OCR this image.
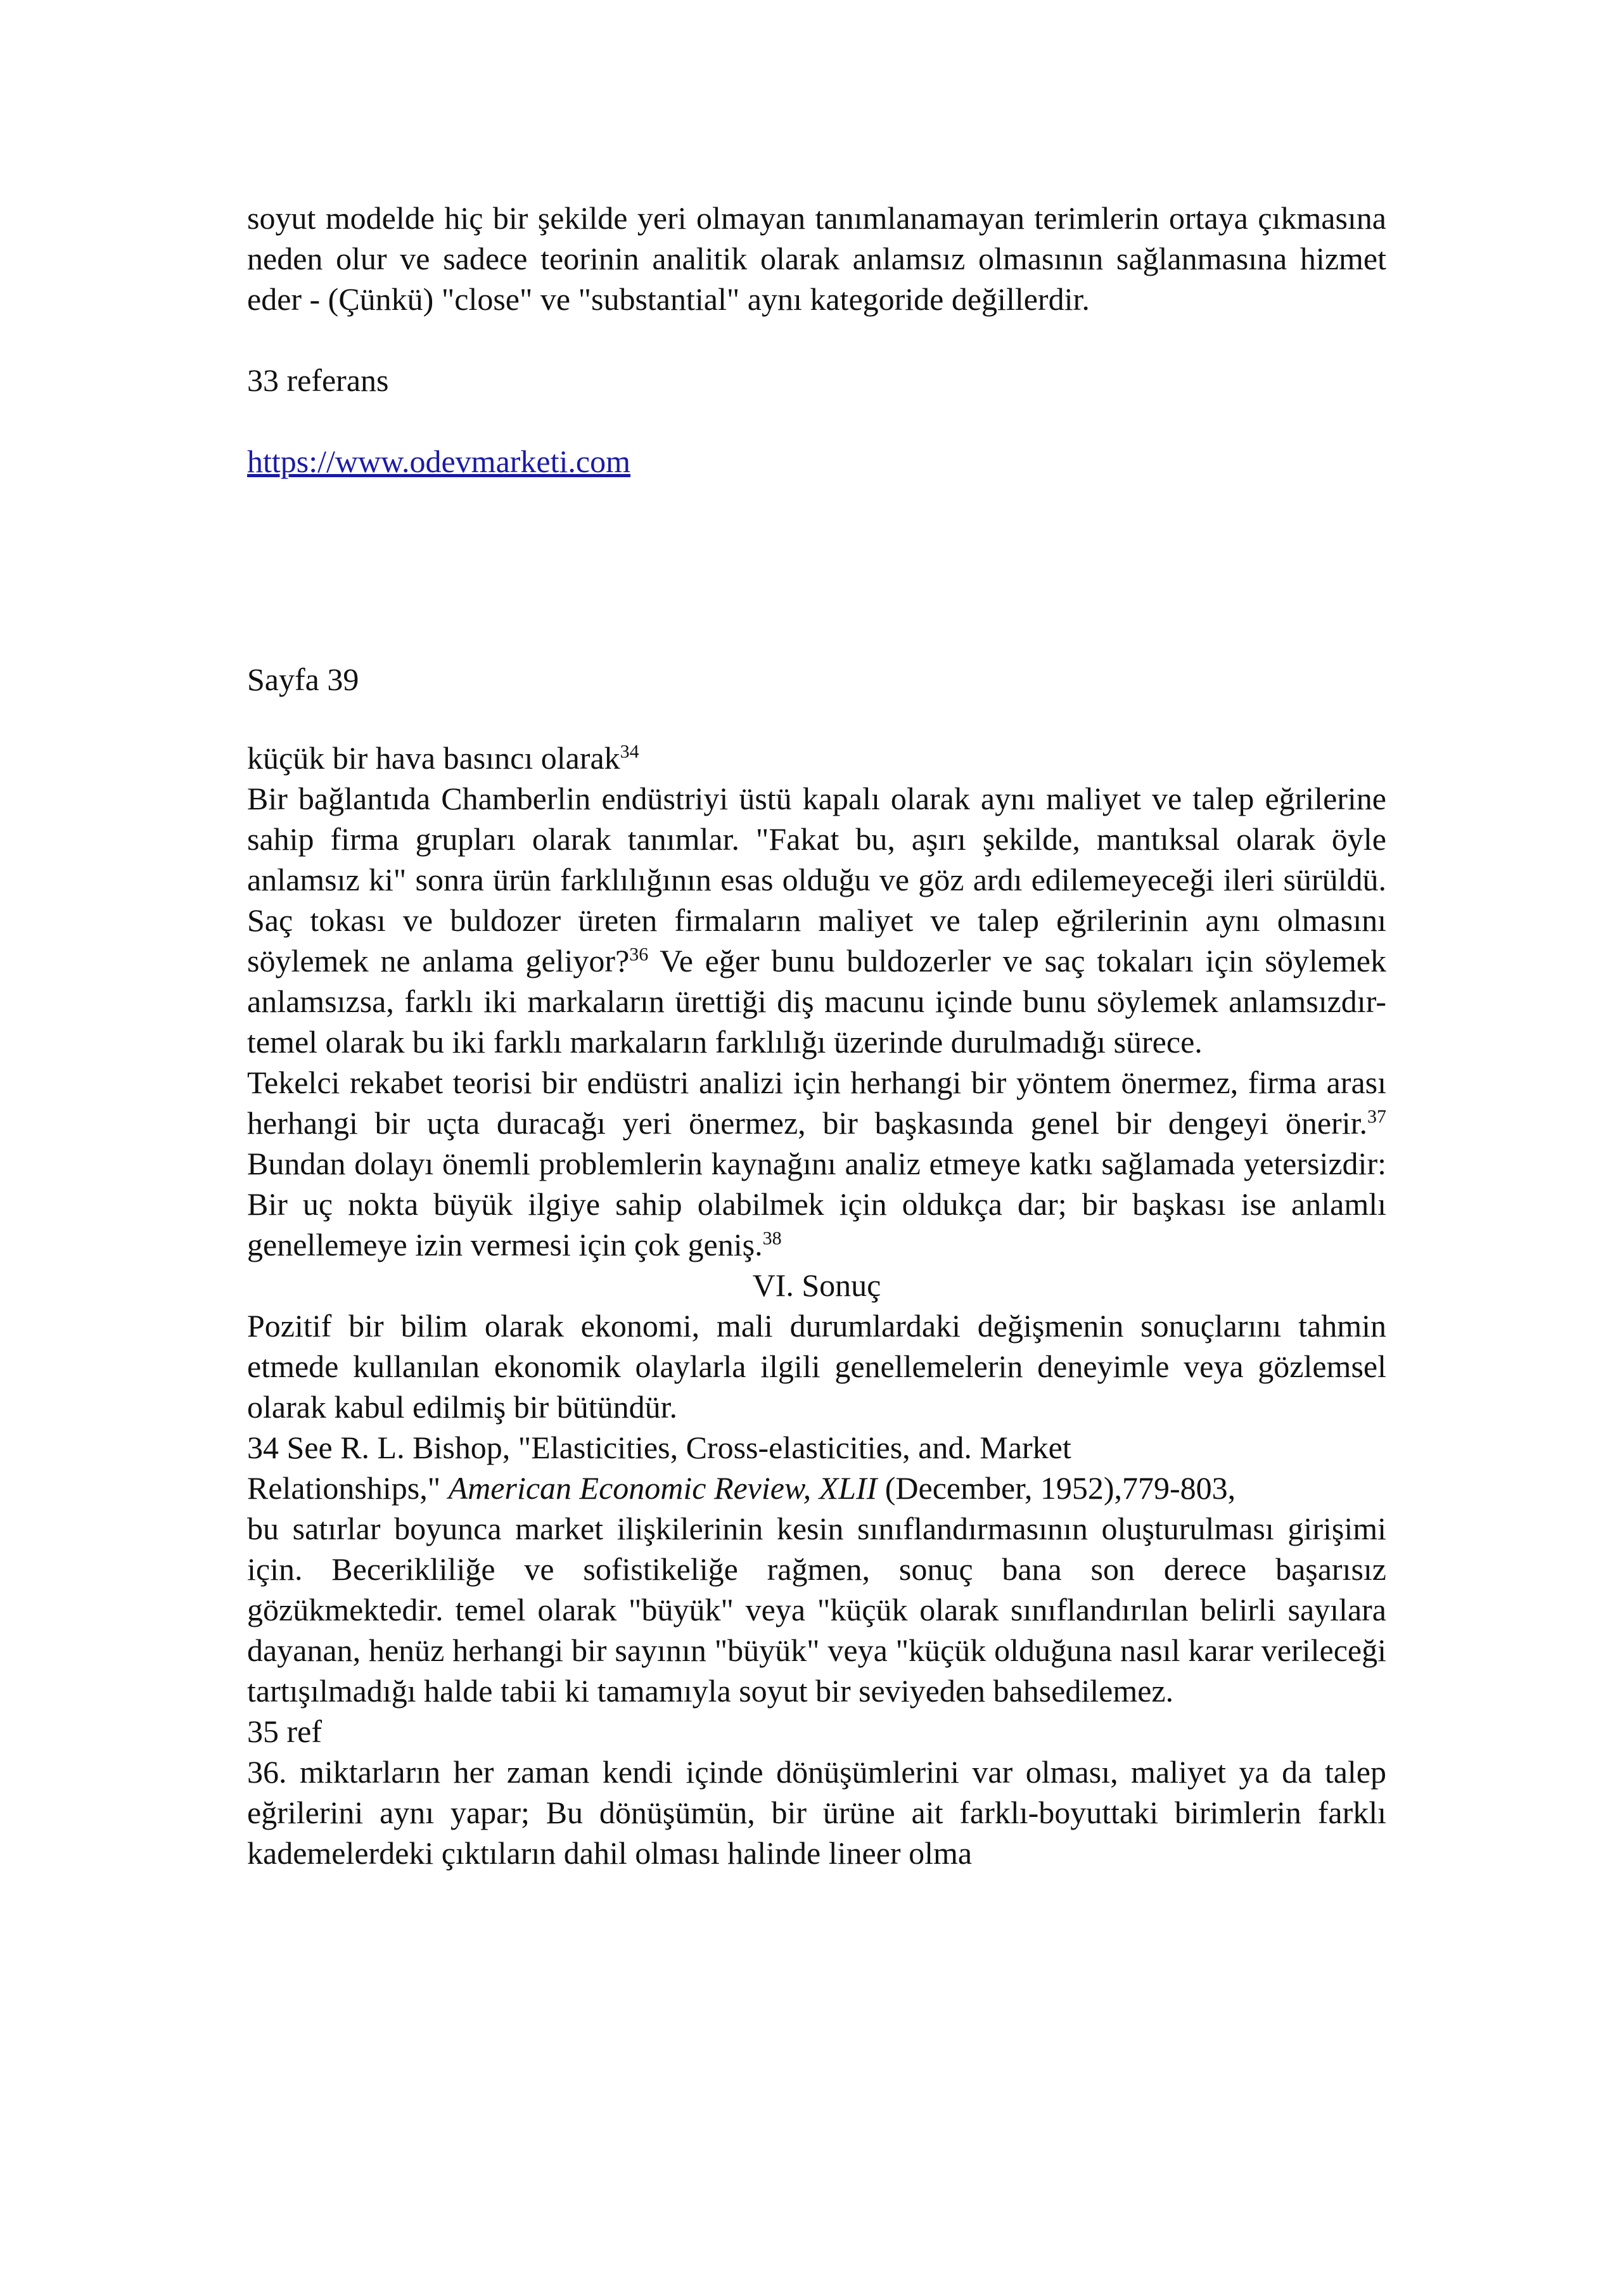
soyut modelde hiç bir şekilde yeri olmayan tanımlanamayan terimlerin ortaya çıkmasına neden olur ve sadece teorinin analitik olarak anlamsız olmasının sağlanmasına hizmet eder - (Çünkü) "close" ve "substantial" aynı kategoride değillerdir.

33 referans

https://www.odevmarketi.com

Sayfa 39

küçük bir hava basıncı olarak$^{34}$

Bir bağlantıda Chamberlin endüstriyi üstü kapalı olarak aynı maliyet ve talep eğrilerine sahip firma grupları olarak tanımlar. "Fakat bu, aşırı şekilde, mantıksal olarak öyle anlamsız ki" sonra ürün farklılığının esas olduğu ve göz ardı edilemeyeceği ileri sürüldü. Saç tokası ve buldozer üreten firmaların maliyet ve talep eğrilerinin aynı olmasını söylemek ne anlama geliyor?$^{36}$ Ve eğer bunu buldozerler ve saç tokaları için söylemek anlamsızsa, farklı iki markaların ürettiği diş macunu içinde bunu söylemek anlamsızdır- temel olarak bu iki farklı markaların farklılığı üzerinde durulmadığı sürece.

Tekelci rekabet teorisi bir endüstri analizi için herhangi bir yöntem önermez, firma arası herhangi bir uçta duracağı yeri önermez, bir başkasında genel bir dengeyi önerir.$^{37}$ Bundan dolayı önemli problemlerin kaynağını analiz etmeye katkı sağlamada yetersizdir: Bir uç nokta büyük ilgiye sahip olabilmek için oldukça dar; bir başkası ise anlamlı genellemeye izin vermesi için çok geniş.$^{38}$

VI. Sonuç

Pozitif bir bilim olarak ekonomi, mali durumlardaki değişmenin sonuçlarını tahmin etmede kullanılan ekonomik olaylarla ilgili genellemelerin deneyimle veya gözlemsel olarak kabul edilmiş bir bütündür.

34 See R. L. Bishop, "Elasticities, Cross-elasticities, and. Market

Relationships," American Economic Review, XLII (December, 1952),779-803,

bu satırlar boyunca market ilişkilerinin kesin sınıflandırmasının oluşturulması girişimi için. Becerikliliğe ve sofistikeliğe rağmen, sonuç bana son derece başarısız gözükmektedir. temel olarak "büyük" veya "küçük olarak sınıflandırılan belirli sayılara dayanan, henüz herhangi bir sayının "büyük" veya "küçük olduğuna nasıl karar verileceği tartışılmadığı halde tabii ki tamamıyla soyut bir seviyeden bahsedilemez.

35 ref

36. miktarların her zaman kendi içinde dönüşümlerini var olması, maliyet ya da talep eğrilerini aynı yapar; Bu dönüşümün, bir ürüne ait farklı-boyuttaki birimlerin farklı kademelerdeki çıktıların dahil olması halinde lineer olma
